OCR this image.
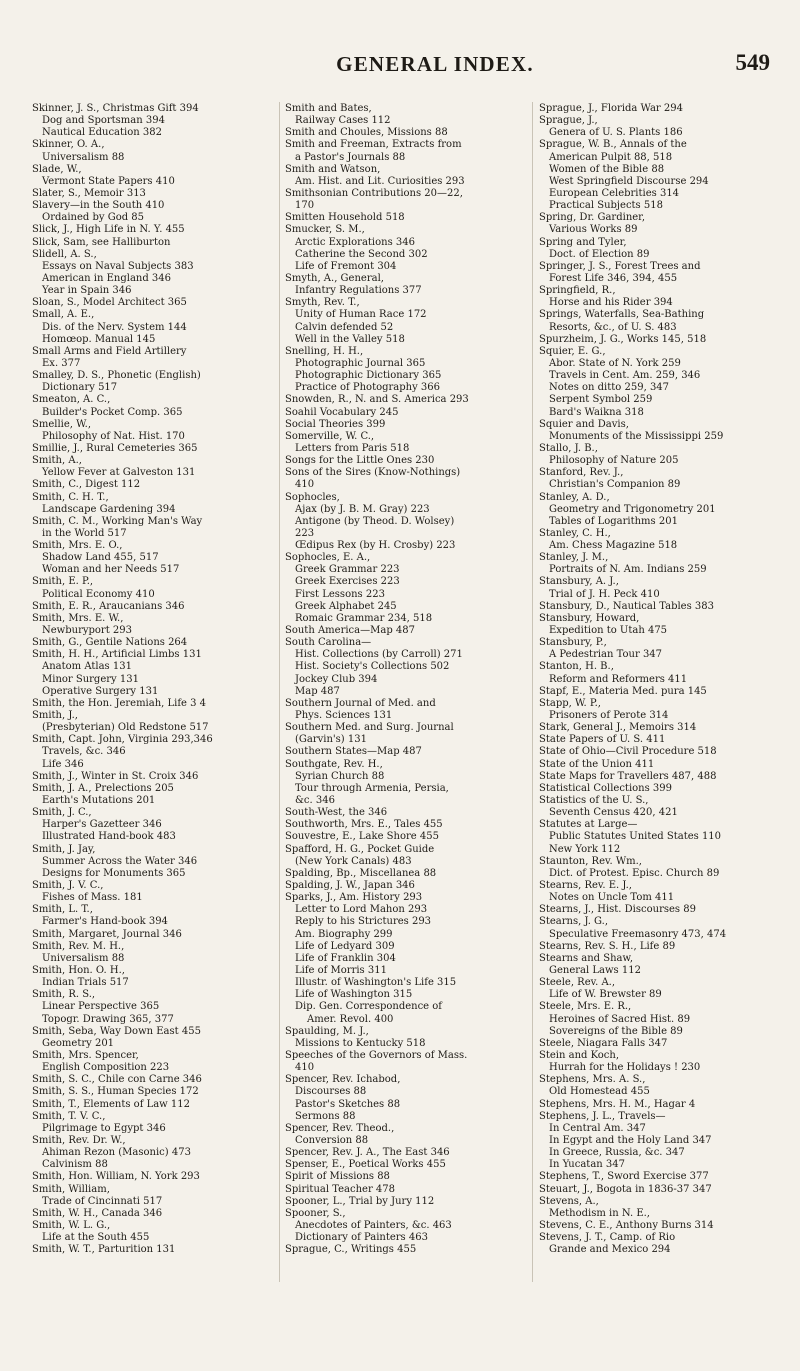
GENERAL INDEX.	549
Skinner, J. S., Christmas Gift 394
Dog and Sportsman 394
Nautical Education 382
Skinner, O. A.,
Universalism 88
Slade, W.,
Vermont State Papers 410
Slater, S., Memoir 313
Slavery—in the South 410
Ordained by God 85
Slick, J., High Life in N. Y. 455
Slick, Sam, see Halliburton
Slidell, A. S.,
Essays on Naval Subjects 383
American in England 346
Year in Spain 346
Sloan, S., Model Architect 365
Small, A. E.,
Dis. of the Nerv. System 144
Homœop. Manual 145
Small Arms and Field Artillery
Ex. 377
Smalley, D. S., Phonetic (English)
Dictionary 517
Smeaton, A. C.,
Builder's Pocket Comp. 365
Smellie, W.,
Philosophy of Nat. Hist. 170
Smillie, J., Rural Cemeteries 365
Smith, A.,
Yellow Fever at Galveston 131
Smith, C., Digest 112
Smith, C. H. T.,
Landscape Gardening 394
Smith, C. M., Working Man's Way
in the World 517
Smith, Mrs. E. O.,
Shadow Land 455, 517
Woman and her Needs 517
Smith, E. P.,
Political Economy 410
Smith, E. R., Araucanians 346
Smith, Mrs. E. W.,
Newburyport 293
Smith, G., Gentile Nations 264
Smith, H. H., Artificial Limbs 131
Anatom Atlas 131
Minor Surgery 131
Operative Surgery 131
Smith, the Hon. Jeremiah, Life 3 4
Smith, J.,
(Presbyterian) Old Redstone 517
Smith, Capt. John, Virginia 293,346
Travels, &c. 346
Life 346
Smith, J., Winter in St. Croix 346
Smith, J. A., Prelections 205
Earth's Mutations 201
Smith, J. C.,
Harper's Gazetteer 346
Illustrated Hand-book 483
Smith, J. Jay,
Summer Across the Water 346
Designs for Monuments 365
Smith, J. V. C.,
Fishes of Mass. 181
Smith, L. T.,
Farmer's Hand-book 394
Smith, Margaret, Journal 346
Smith, Rev. M. H.,
Universalism 88
Smith, Hon. O. H.,
Indian Trials 517
Smith, R. S.,
Linear Perspective 365
Topogr. Drawing 365, 377
Smith, Seba, Way Down East 455
Geometry 201
Smith, Mrs. Spencer,
English Composition 223
Smith, S. C., Chile con Carne 346
Smith, S. S., Human Species 172
Smith, T., Elements of Law 112
Smith, T. V. C.,
Pilgrimage to Egypt 346
Smith, Rev. Dr. W.,
Ahiman Rezon (Masonic) 473
Calvinism 88
Smith, Hon. William, N. York 293
Smith, William,
Trade of Cincinnati 517
Smith, W. H., Canada 346
Smith, W. L. G.,
Life at the South 455
Smith, W. T., Parturition 131
Smith and Bates,
Railway Cases 112
Smith and Choules, Missions 88
Smith and Freeman, Extracts from
a Pastor's Journals 88
Smith and Watson,
Am. Hist. and Lit. Curiosities 293
Smithsonian Contributions 20—22,
170
Smitten Household 518
Smucker, S. M.,
Arctic Explorations 346
Catherine the Second 302
Life of Fremont 304
Smyth, A., General,
Infantry Regulations 377
Smyth, Rev. T.,
Unity of Human Race 172
Calvin defended 52
Well in the Valley 518
Snelling, H. H.,
Photographic Journal 365
Photographic Dictionary 365
Practice of Photography 366
Snowden, R., N. and S. America 293
Soahil Vocabulary 245
Social Theories 399
Somerville, W. C.,
Letters from Paris 518
Songs for the Little Ones 230
Sons of the Sires (Know-Nothings)
410
Sophocles,
Ajax (by J. B. M. Gray) 223
Antigone (by Theod. D. Wolsey)
223
Œdipus Rex (by H. Crosby) 223
Sophocles, E. A.,
Greek Grammar 223
Greek Exercises 223
First Lessons 223
Greek Alphabet 245
Romaic Grammar 234, 518
South America—Map 487
South Carolina—
Hist. Collections (by Carroll) 271
Hist. Society's Collections 502
Jockey Club 394
Map 487
Southern Journal of Med. and
Phys. Sciences 131
Southern Med. and Surg. Journal
(Garvin's) 131
Southern States—Map 487
Southgate, Rev. H.,
Syrian Church 88
Tour through Armenia, Persia,
&c. 346
South-West, the 346
Southworth, Mrs. E., Tales 455
Souvestre, E., Lake Shore 455
Spafford, H. G., Pocket Guide
(New York Canals) 483
Spalding, Bp., Miscellanea 88
Spalding, J. W., Japan 346
Sparks, J., Am. History 293
Letter to Lord Mahon 293
Reply to his Strictures 293
Am. Biography 299
Life of Ledyard 309
Life of Franklin 304
Life of Morris 311
Illustr. of Washington's Life 315
Life of Washington 315
Dip. Gen. Correspondence of
Amer. Revol. 400
Spaulding, M. J.,
Missions to Kentucky 518
Speeches of the Governors of Mass.
410
Spencer, Rev. Ichabod,
Discourses 88
Pastor's Sketches 88
Sermons 88
Spencer, Rev. Theod.,
Conversion 88
Spencer, Rev. J. A., The East 346
Spenser, E., Poetical Works 455
Spirit of Missions 88
Spiritual Teacher 478
Spooner, L., Trial by Jury 112
Spooner, S.,
Anecdotes of Painters, &c. 463
Dictionary of Painters 463
Sprague, C., Writings 455
Sprague, J., Florida War 294
Sprague, J.,
Genera of U. S. Plants 186
Sprague, W. B., Annals of the
American Pulpit 88, 518
Women of the Bible 88
West Springfield Discourse 294
European Celebrities 314
Practical Subjects 518
Spring, Dr. Gardiner,
Various Works 89
Spring and Tyler,
Doct. of Election 89
Springer, J. S., Forest Trees and
Forest Life 346, 394, 455
Springfield, R.,
Horse and his Rider 394
Springs, Waterfalls, Sea-Bathing
Resorts, &c., of U. S. 483
Spurzheim, J. G., Works 145, 518
Squier, E. G.,
Abor. State of N. York 259
Travels in Cent. Am. 259, 346
Notes on ditto 259, 347
Serpent Symbol 259
Bard's Waikna 318
Squier and Davis,
Monuments of the Mississippi 259
Stallo, J. B.,
Philosophy of Nature 205
Stanford, Rev. J.,
Christian's Companion 89
Stanley, A. D.,
Geometry and Trigonometry 201
Tables of Logarithms 201
Stanley, C. H.,
Am. Chess Magazine 518
Stanley, J. M.,
Portraits of N. Am. Indians 259
Stansbury, A. J.,
Trial of J. H. Peck 410
Stansbury, D., Nautical Tables 383
Stansbury, Howard,
Expedition to Utah 475
Stansbury, P.,
A Pedestrian Tour 347
Stanton, H. B.,
Reform and Reformers 411
Stapf, E., Materia Med. pura 145
Stapp, W. P.,
Prisoners of Perote 314
Stark, General J., Memoirs 314
State Papers of U. S. 411
State of Ohio—Civil Procedure 518
State of the Union 411
State Maps for Travellers 487, 488
Statistical Collections 399
Statistics of the U. S.,
Seventh Census 420, 421
Statutes at Large—
Public Statutes United States 110
New York 112
Staunton, Rev. Wm.,
Dict. of Protest. Episc. Church 89
Stearns, Rev. E. J.,
Notes on Uncle Tom 411
Stearns, J., Hist. Discourses 89
Stearns, J. G.,
Speculative Freemasonry 473, 474
Stearns, Rev. S. H., Life 89
Stearns and Shaw,
General Laws 112
Steele, Rev. A.,
Life of W. Brewster 89
Steele, Mrs. E. R.,
Heroines of Sacred Hist. 89
Sovereigns of the Bible 89
Steele, Niagara Falls 347
Stein and Koch,
Hurrah for the Holidays ! 230
Stephens, Mrs. A. S.,
Old Homestead 455
Stephens, Mrs. H. M., Hagar 4
Stephens, J. L., Travels—
In Central Am. 347
In Egypt and the Holy Land 347
In Greece, Russia, &c. 347
In Yucatan 347
Stephens, T., Sword Exercise 377
Steuart, J., Bogota in 1836-37 347
Stevens, A.,
Methodism in N. E.,
Stevens, C. E., Anthony Burns 314
Stevens, J. T., Camp. of Rio
Grande and Mexico 294
